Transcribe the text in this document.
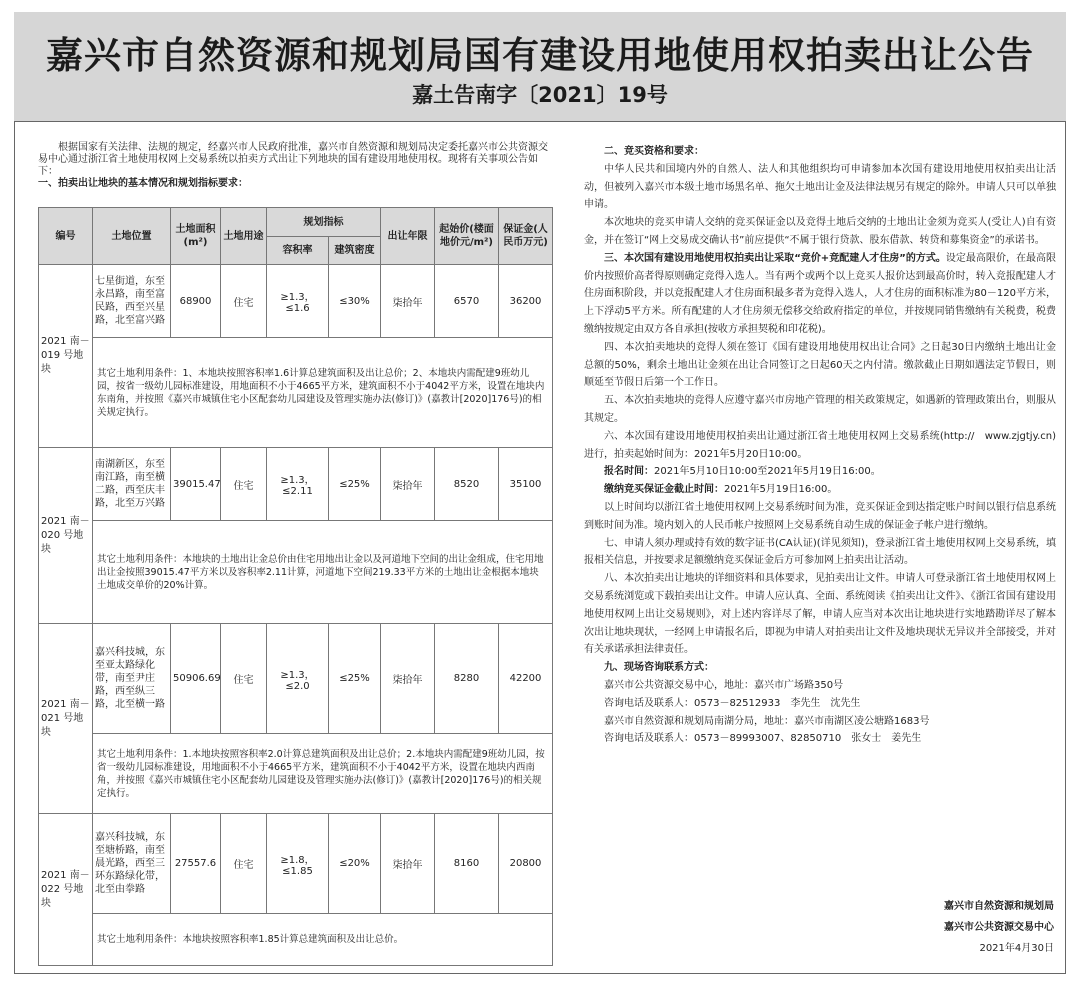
嘉兴市自然资源和规划局国有建设用地使用权拍卖出让公告
嘉土告南字〔2021〕19号

根据国家有关法律、法规的规定，经嘉兴市人民政府批准，嘉兴市自然资源和规划局决定委托嘉兴市公共资源交易中心通过浙江省土地使用权网上交易系统以拍卖方式出让下列地块的国有建设用地使用权。现将有关事项公告如下：

一、拍卖出让地块的基本情况和规划指标要求：

编号	土地位置	土地面积(m²)	土地用途	规划指标		出让年限	起始价(楼面地价元/m²)	保证金(人民币万元)
				容积率	建筑密度			
2021 南－019 号地块	七星街道，东至永昌路，南至富民路，西至兴星路，北至富兴路	68900	住宅	≥1.3，≤1.6	≤30%	柒拾年	6570	36200
	其它土地利用条件：1、本地块按照容积率1.6计算总建筑面积及出让总价；2、本地块内需配建9班幼儿园，按省一级幼儿园标准建设，用地面积不小于4665平方米，建筑面积不小于4042平方米，设置在地块内东南角，并按照《嘉兴市城镇住宅小区配套幼儿园建设及管理实施办法(修订)》(嘉教计[2020]176号)的相关规定执行。							
2021 南－020 号地块	南湖新区，东至南江路，南至横二路，西至庆丰路，北至万兴路	39015.47	住宅	≥1.3，≤2.11	≤25%	柒拾年	8520	35100
	其它土地利用条件：本地块的土地出让金总价由住宅用地出让金以及河道地下空间的出让金组成，住宅用地出让金按照39015.47平方米以及容积率2.11计算，河道地下空间219.33平方米的土地出让金根据本地块土地成交单价的20%计算。							
2021 南－021 号地块	嘉兴科技城，东至亚太路绿化带，南至尹庄路，西至纵三路，北至横一路	50906.69	住宅	≥1.3，≤2.0	≤25%	柒拾年	8280	42200
	其它土地利用条件：1.本地块按照容积率2.0计算总建筑面积及出让总价；2.本地块内需配建9班幼儿园，按省一级幼儿园标准建设，用地面积不小于4665平方米，建筑面积不小于4042平方米，设置在地块内西南角，并按照《嘉兴市城镇住宅小区配套幼儿园建设及管理实施办法(修订)》(嘉教计[2020]176号)的相关规定执行。							
2021 南－022 号地块	嘉兴科技城，东至塘桥路，南至晨光路，西至三环东路绿化带，北至由拳路	27557.6	住宅	≥1.8，≤1.85	≤20%	柒拾年	8160	20800
	其它土地利用条件：本地块按照容积率1.85计算总建筑面积及出让总价。							

二、竞买资格和要求：

中华人民共和国境内外的自然人、法人和其他组织均可申请参加本次国有建设用地使用权拍卖出让活动，但被列入嘉兴市本级土地市场黑名单、拖欠土地出让金及法律法规另有规定的除外。申请人只可以单独申请。

本次地块的竞买申请人交纳的竞买保证金以及竞得土地后交纳的土地出让金须为竞买人(受让人)自有资金，并在签订“网上交易成交确认书”前应提供“不属于银行贷款、股东借款、转贷和募集资金”的承诺书。

三、本次国有建设用地使用权拍卖出让采取“竞价+竞配建人才住房”的方式。设定最高限价，在最高限价内按照价高者得原则确定竞得入选人。当有两个或两个以上竞买人报价达到最高价时，转入竞报配建人才住房面积阶段，并以竞报配建人才住房面积最多者为竞得入选人，人才住房的面积标准为80－120平方米，上下浮动5平方米。所有配建的人才住房须无偿移交给政府指定的单位，并按规同销售缴纳有关税费，税费缴纳按规定由双方各自承担(按收方承担契税和印花税)。

四、本次拍卖地块的竞得人须在签订《国有建设用地使用权出让合同》之日起30日内缴纳土地出让金总额的50%，剩余土地出让金须在出让合同签订之日起60天之内付清。缴款截止日期如遇法定节假日，则顺延至节假日后第一个工作日。

五、本次拍卖地块的竞得人应遵守嘉兴市房地产管理的相关政策规定，如遇新的管理政策出台，则服从其规定。

六、本次国有建设用地使用权拍卖出让通过浙江省土地使用权网上交易系统(http://　www.zjgtjy.cn)进行，拍卖起始时间为：2021年5月20日10:00。

报名时间：2021年5月10日10:00至2021年5月19日16:00。

缴纳竞买保证金截止时间：2021年5月19日16:00。

以上时间均以浙江省土地使用权网上交易系统时间为准，竞买保证金到达指定账户时间以银行信息系统到账时间为准。境内划入的人民币帐户按照网上交易系统自动生成的保证金子帐户进行缴纳。

七、申请人须办理或持有效的数字证书(CA认证)(详见须知)，登录浙江省土地使用权网上交易系统，填报相关信息，并按要求足额缴纳竞买保证金后方可参加网上拍卖出让活动。

八、本次拍卖出让地块的详细资料和具体要求，见拍卖出让文件。申请人可登录浙江省土地使用权网上交易系统浏览或下载拍卖出让文件。申请人应认真、全面、系统阅读《拍卖出让文件》、《浙江省国有建设用地使用权网上出让交易规则》，对上述内容详尽了解，申请人应当对本次出让地块进行实地踏勘详尽了解本次出让地块现状，一经网上申请报名后，即视为申请人对拍卖出让文件及地块现状无异议并全部接受，并对有关承诺承担法律责任。

九、现场咨询联系方式：

嘉兴市公共资源交易中心，地址：嘉兴市广场路350号

咨询电话及联系人：0573－82512933　李先生　沈先生

嘉兴市自然资源和规划局南湖分局，地址：嘉兴市南湖区凌公塘路1683号

咨询电话及联系人：0573－89993007、82850710　张女士　姜先生

嘉兴市自然资源和规划局
嘉兴市公共资源交易中心
2021年4月30日
